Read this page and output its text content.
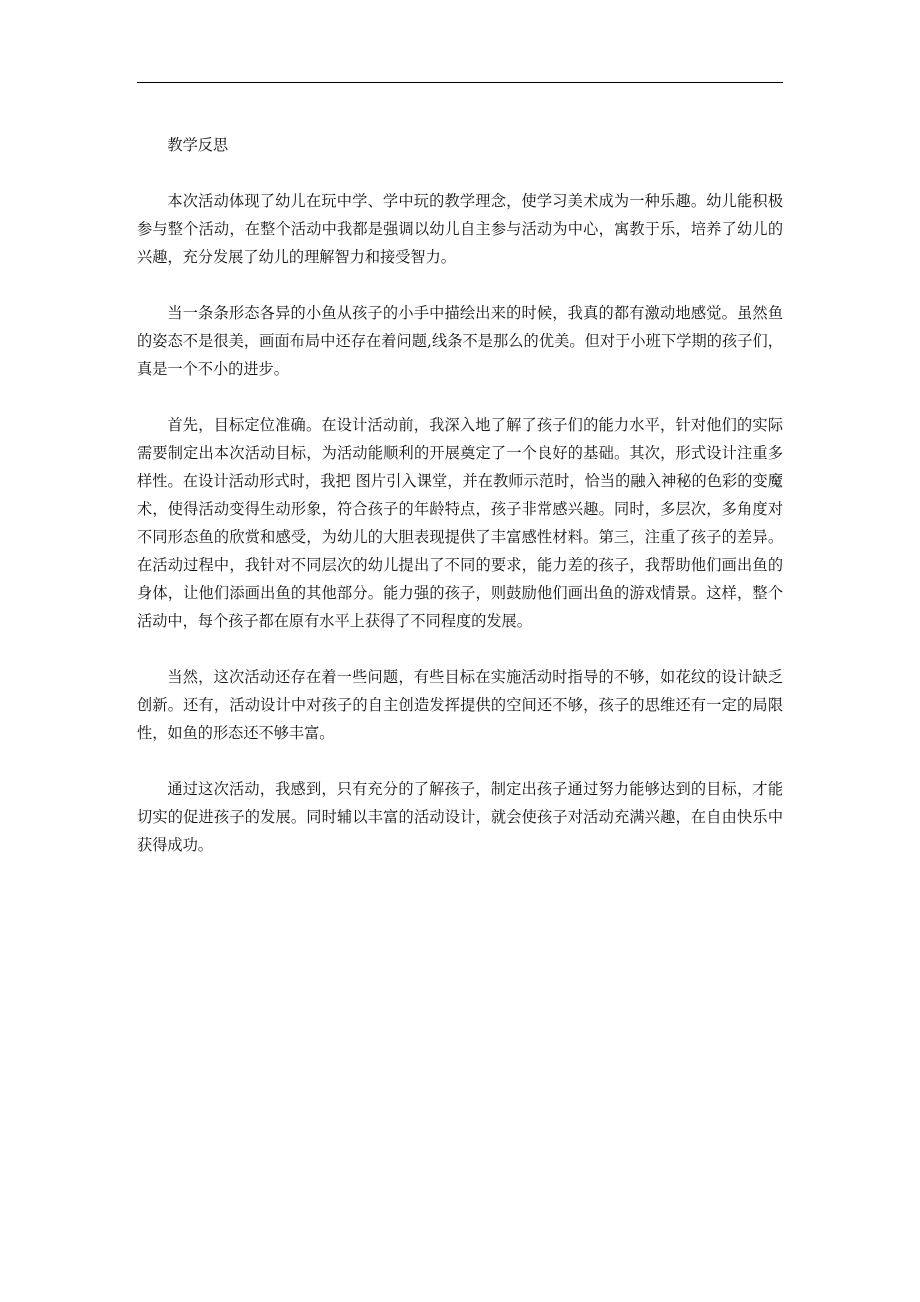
教学反思

本次活动体现了幼儿在玩中学、学中玩的教学理念，使学习美术成为一种乐趣。幼儿能积极参与整个活动，在整个活动中我都是强调以幼儿自主参与活动为中心，寓教于乐，培养了幼儿的兴趣，充分发展了幼儿的理解智力和接受智力。

当一条条形态各异的小鱼从孩子的小手中描绘出来的时候，我真的都有激动地感觉。虽然鱼的姿态不是很美，画面布局中还存在着问题,线条不是那么的优美。但对于小班下学期的孩子们，真是一个不小的进步。

首先，目标定位准确。在设计活动前，我深入地了解了孩子们的能力水平，针对他们的实际需要制定出本次活动目标，为活动能顺利的开展奠定了一个良好的基础。其次，形式设计注重多样性。在设计活动形式时，我把 图片引入课堂，并在教师示范时，恰当的融入神秘的色彩的变魔术，使得活动变得生动形象，符合孩子的年龄特点，孩子非常感兴趣。同时，多层次，多角度对不同形态鱼的欣赏和感受，为幼儿的大胆表现提供了丰富感性材料。第三，注重了孩子的差异。在活动过程中，我针对不同层次的幼儿提出了不同的要求，能力差的孩子，我帮助他们画出鱼的身体，让他们添画出鱼的其他部分。能力强的孩子，则鼓励他们画出鱼的游戏情景。这样，整个活动中，每个孩子都在原有水平上获得了不同程度的发展。

当然，这次活动还存在着一些问题，有些目标在实施活动时指导的不够，如花纹的设计缺乏创新。还有，活动设计中对孩子的自主创造发挥提供的空间还不够，孩子的思维还有一定的局限性，如鱼的形态还不够丰富。

通过这次活动，我感到，只有充分的了解孩子，制定出孩子通过努力能够达到的目标，才能切实的促进孩子的发展。同时辅以丰富的活动设计，就会使孩子对活动充满兴趣，在自由快乐中获得成功。
